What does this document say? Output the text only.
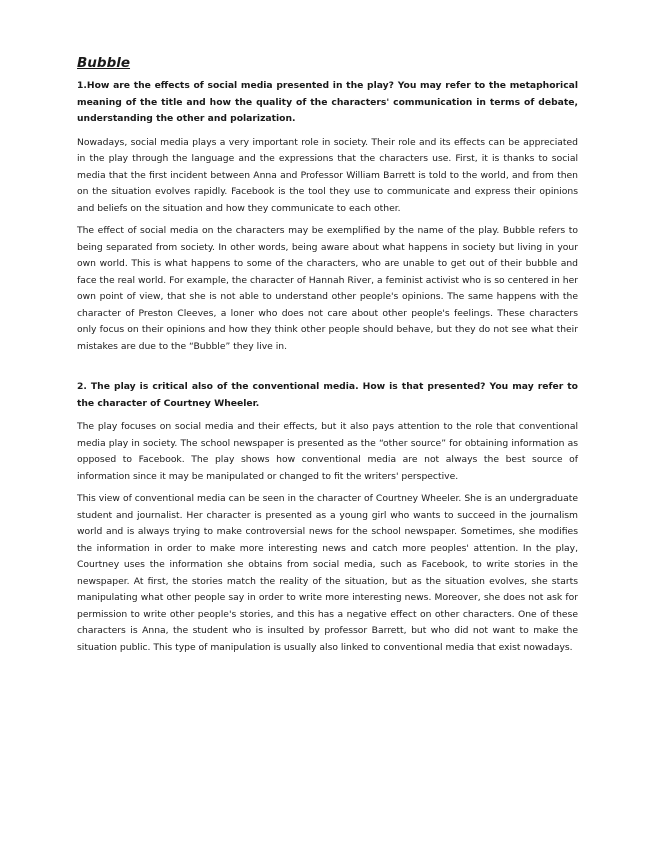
Bubble
1.How are the effects of social media presented in the play? You may refer to the metaphorical meaning of the title and how the quality of the characters' communication in terms of debate, understanding the other and polarization.
Nowadays, social media plays a very important role in society. Their role and its effects can be appreciated in the play through the language and the expressions that the characters use. First, it is thanks to social media that the first incident between Anna and Professor William Barrett is told to the world, and from then on the situation evolves rapidly. Facebook is the tool they use to communicate and express their opinions and beliefs on the situation and how they communicate to each other.
The effect of social media on the characters may be exemplified by the name of the play. Bubble refers to being separated from society. In other words, being aware about what happens in society but living in your own world. This is what happens to some of the characters, who are unable to get out of their bubble and face the real world. For example, the character of Hannah River, a feminist activist who is so centered in her own point of view, that she is not able to understand other people's opinions. The same happens with the character of Preston Cleeves, a loner who does not care about other people's feelings. These characters only focus on their opinions and how they think other people should behave, but they do not see what their mistakes are due to the “Bubble” they live in.
2. The play is critical also of the conventional media. How is that presented? You may refer to the character of Courtney Wheeler.
The play focuses on social media and their effects, but it also pays attention to the role that conventional media play in society. The school newspaper is presented as the “other source” for obtaining information as opposed to Facebook. The play shows how conventional media are not always the best source of information since it may be manipulated or changed to fit the writers' perspective.
This view of conventional media can be seen in the character of Courtney Wheeler. She is an undergraduate student and journalist. Her character is presented as a young girl who wants to succeed in the journalism world and is always trying to make controversial news for the school newspaper. Sometimes, she modifies the information in order to make more interesting news and catch more peoples' attention. In the play, Courtney uses the information she obtains from social media, such as Facebook, to write stories in the newspaper. At first, the stories match the reality of the situation, but as the situation evolves, she starts manipulating what other people say in order to write more interesting news. Moreover, she does not ask for permission to write other people's stories, and this has a negative effect on other characters. One of these characters is Anna, the student who is insulted by professor Barrett, but who did not want to make the situation public. This type of manipulation is usually also linked to conventional media that exist nowadays.
